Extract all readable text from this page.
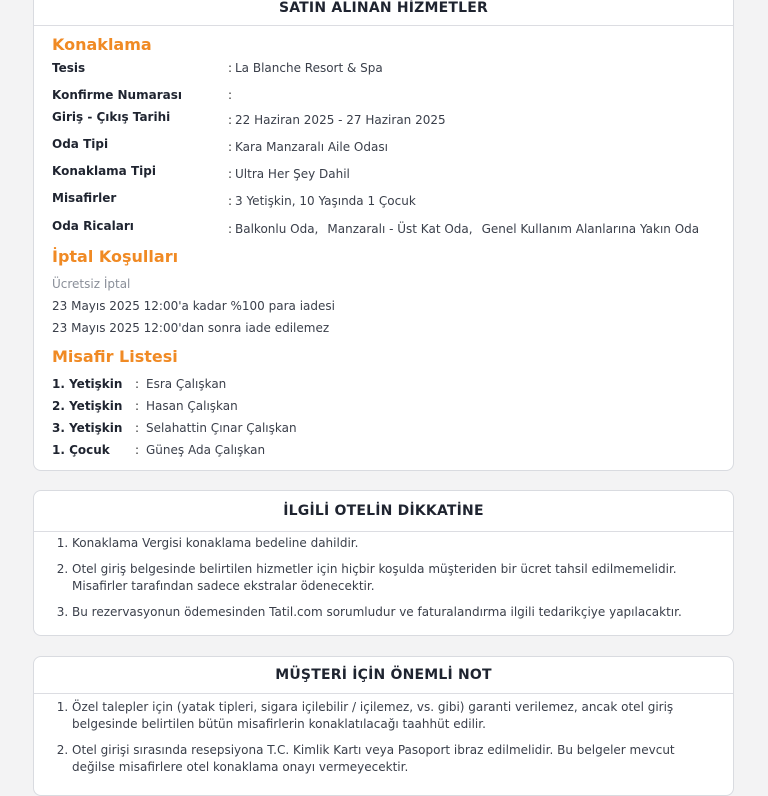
SATIN ALINAN HİZMETLER
Konaklama
Tesis	: La Blanche Resort & Spa
Konfirme Numarası	:
Giriş - Çıkış Tarihi	: 22 Haziran 2025 - 27 Haziran 2025
Oda Tipi	: Kara Manzaralı Aile Odası
Konaklama Tipi	: Ultra Her Şey Dahil
Misafirler	: 3 Yetişkin, 10 Yaşında 1 Çocuk
Oda Ricaları	: Balkonlu Oda, Manzaralı - Üst Kat Oda, Genel Kullanım Alanlarına Yakın Oda
İptal Koşulları
Ücretsiz İptal
23 Mayıs 2025 12:00'a kadar %100 para iadesi
23 Mayıs 2025 12:00'dan sonra iade edilemez
Misafir Listesi
1. Yetişkin : Esra Çalışkan
2. Yetişkin : Hasan Çalışkan
3. Yetişkin : Selahattin Çınar Çalışkan
1. Çocuk : Güneş Ada Çalışkan
İLGİLİ OTELİN DİKKATİNE
1. Konaklama Vergisi konaklama bedeline dahildir.
2. Otel giriş belgesinde belirtilen hizmetler için hiçbir koşulda müşteriden bir ücret tahsil edilmemelidir. Misafirler tarafından sadece ekstralar ödenecektir.
3. Bu rezervasyonun ödemesinden Tatil.com sorumludur ve faturalandırma ilgili tedarikçiye yapılacaktır.
MÜŞTERİ İÇİN ÖNEMLİ NOT
1. Özel talepler için (yatak tipleri, sigara içilebilir / içilemez, vs. gibi) garanti verilemez, ancak otel giriş belgesinde belirtilen bütün misafirlerin konaklatılacağı taahhüt edilir.
2. Otel girişi sırasında resepsiyona T.C. Kimlik Kartı veya Pasoport ibraz edilmelidir. Bu belgeler mevcut değilse misafirlere otel konaklama onayı vermeyecektir.
